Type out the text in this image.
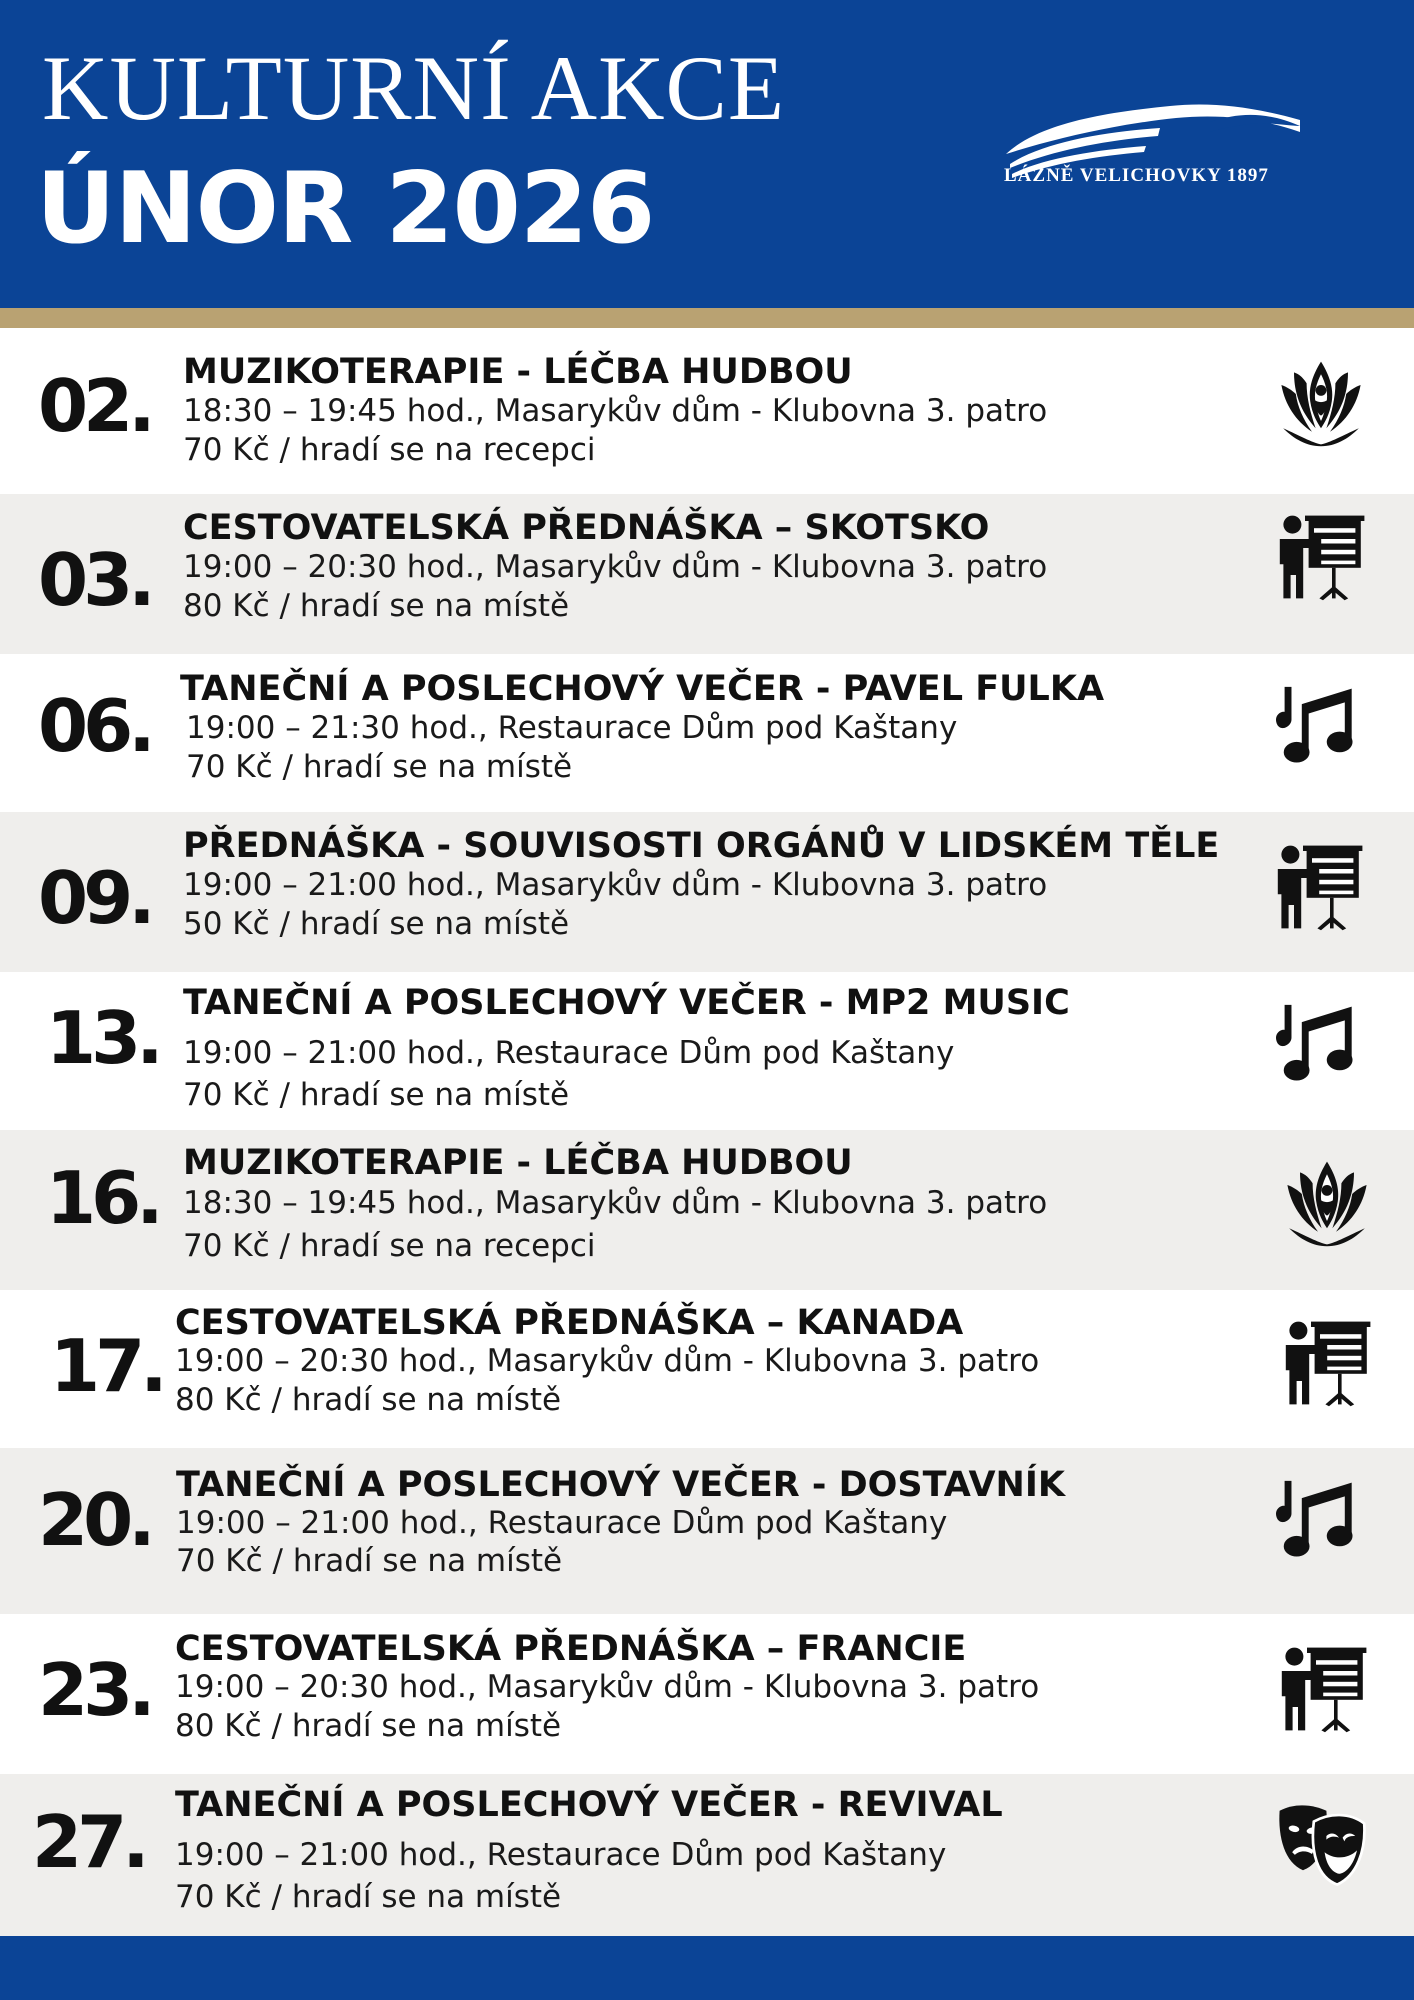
KULTURNÍ AKCE
ÚNOR 2026	LÁZNĚ VELICHOVKY 1897
02. MUZIKOTERAPIE - LÉČBA HUDBOU
18:30 – 19:45 hod., Masarykův dům - Klubovna 3. patro
70 Kč / hradí se na recepci
03.
CESTOVATELSKÁ PŘEDNÁŠKA – SKOTSKO
19:00 – 20:30 hod., Masarykův dům - Klubovna 3. patro
80 Kč / hradí se na místě
06. TANEČNÍ A POSLECHOVÝ VEČER - PAVEL FULKA
19:00 – 21:30 hod., Restaurace Dům pod Kaštany
70 Kč / hradí se na místě
09.
PŘEDNÁŠKA - SOUVISOSTI ORGÁNŮ V LIDSKÉM TĚLE
19:00 – 21:00 hod., Masarykův dům - Klubovna 3. patro
50 Kč / hradí se na místě
13. TANEČNÍ A POSLECHOVÝ VEČER - MP2 MUSIC
19:00 – 21:00 hod., Restaurace Dům pod Kaštany
70 Kč / hradí se na místě
16. MUZIKOTERAPIE - LÉČBA HUDBOU
18:30 – 19:45 hod., Masarykův dům - Klubovna 3. patro
70 Kč / hradí se na recepci
17.
CESTOVATELSKÁ PŘEDNÁŠKA – KANADA
19:00 – 20:30 hod., Masarykův dům - Klubovna 3. patro
80 Kč / hradí se na místě
20. TANEČNÍ A POSLECHOVÝ VEČER - DOSTAVNÍK
19:00 – 21:00 hod., Restaurace Dům pod Kaštany
70 Kč / hradí se na místě
23. CESTOVATELSKÁ PŘEDNÁŠKA – FRANCIE
19:00 – 20:30 hod., Masarykův dům - Klubovna 3. patro
80 Kč / hradí se na místě
27. TANEČNÍ A POSLECHOVÝ VEČER - REVIVAL
19:00 – 21:00 hod., Restaurace Dům pod Kaštany
70 Kč / hradí se na místě
